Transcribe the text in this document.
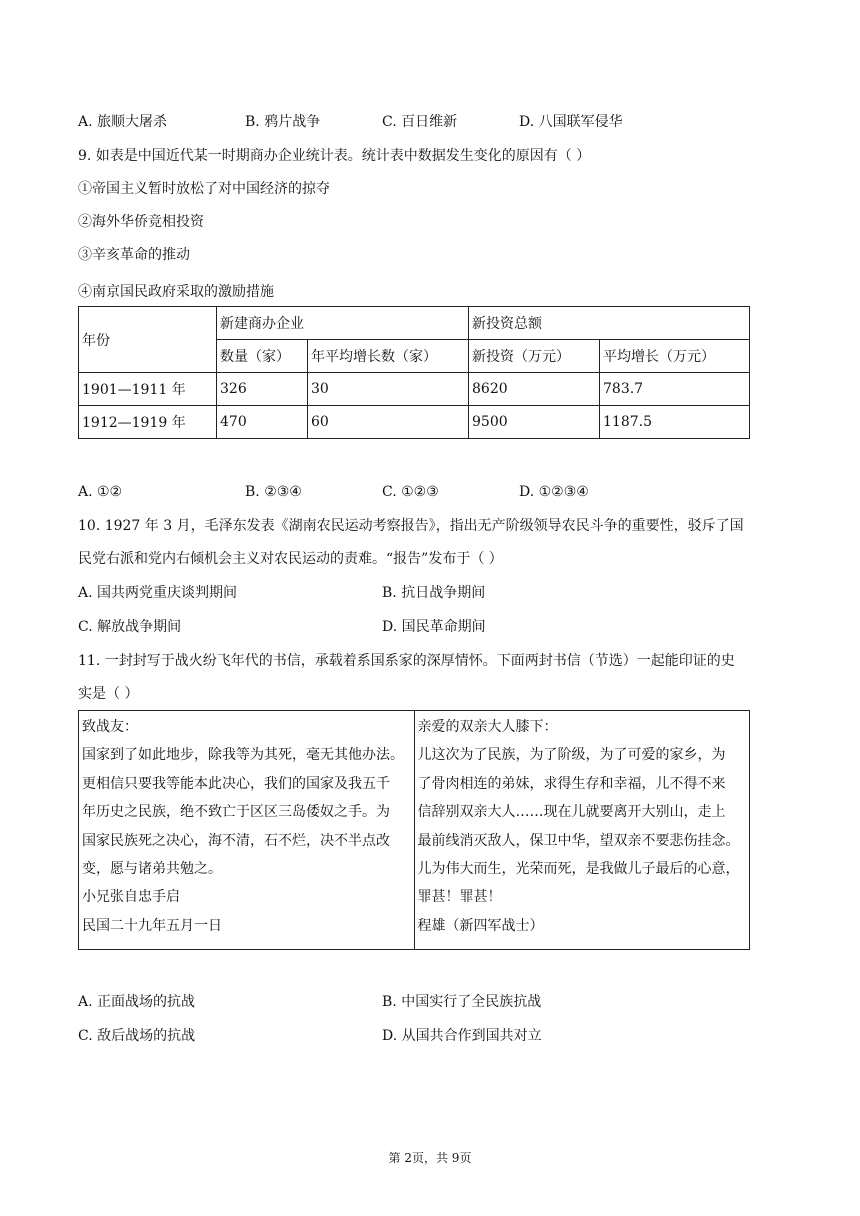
A. 旅顺大屠杀	B. 鸦片战争	C. 百日维新	D. 八国联军侵华
9. 如表是中国近代某一时期商办企业统计表。统计表中数据发生变化的原因有（ ）
①帝国主义暂时放松了对中国经济的掠夺
②海外华侨竞相投资
③辛亥革命的推动
④南京国民政府采取的激励措施
年份	新建商办企业		新投资总额	
	数量（家）	年平均增长数（家）	新投资（万元）	平均增长（万元）
1901—1911 年	326	30	8620	783.7
1912—1919 年	470	60	9500	1187.5
A. ①②	B. ②③④	C. ①②③	D. ①②③④
10. 1927 年 3 月，毛泽东发表《湖南农民运动考察报告》，指出无产阶级领导农民斗争的重要性，驳斥了国
民党右派和党内右倾机会主义对农民运动的责难。“报告”发布于（ ）
A. 国共两党重庆谈判期间	B. 抗日战争期间
C. 解放战争期间	D. 国民革命期间
11. 一封封写于战火纷飞年代的书信，承载着系国系家的深厚情怀。下面两封书信（节选）一起能印证的史
实是（ ）
致战友：
国家到了如此地步，除我等为其死，毫无其他办法。
更相信只要我等能本此决心，我们的国家及我五千
年历史之民族，绝不致亡于区区三岛倭奴之手。为
国家民族死之决心，海不清，石不烂，决不半点改
变，愿与诸弟共勉之。
小兄张自忠手启
民国二十九年五月一日

亲爱的双亲大人膝下：
儿这次为了民族，为了阶级，为了可爱的家乡，为
了骨肉相连的弟妹，求得生存和幸福，儿不得不来
信辞别双亲大人……现在儿就要离开大别山，走上
最前线消灭敌人，保卫中华，望双亲不要悲伤挂念。
儿为伟大而生，光荣而死，是我做儿子最后的心意，
罪甚！罪甚！
程雄（新四军战士）
A. 正面战场的抗战	B. 中国实行了全民族抗战
C. 敌后战场的抗战	D. 从国共合作到国共对立
第 2页，共 9页
